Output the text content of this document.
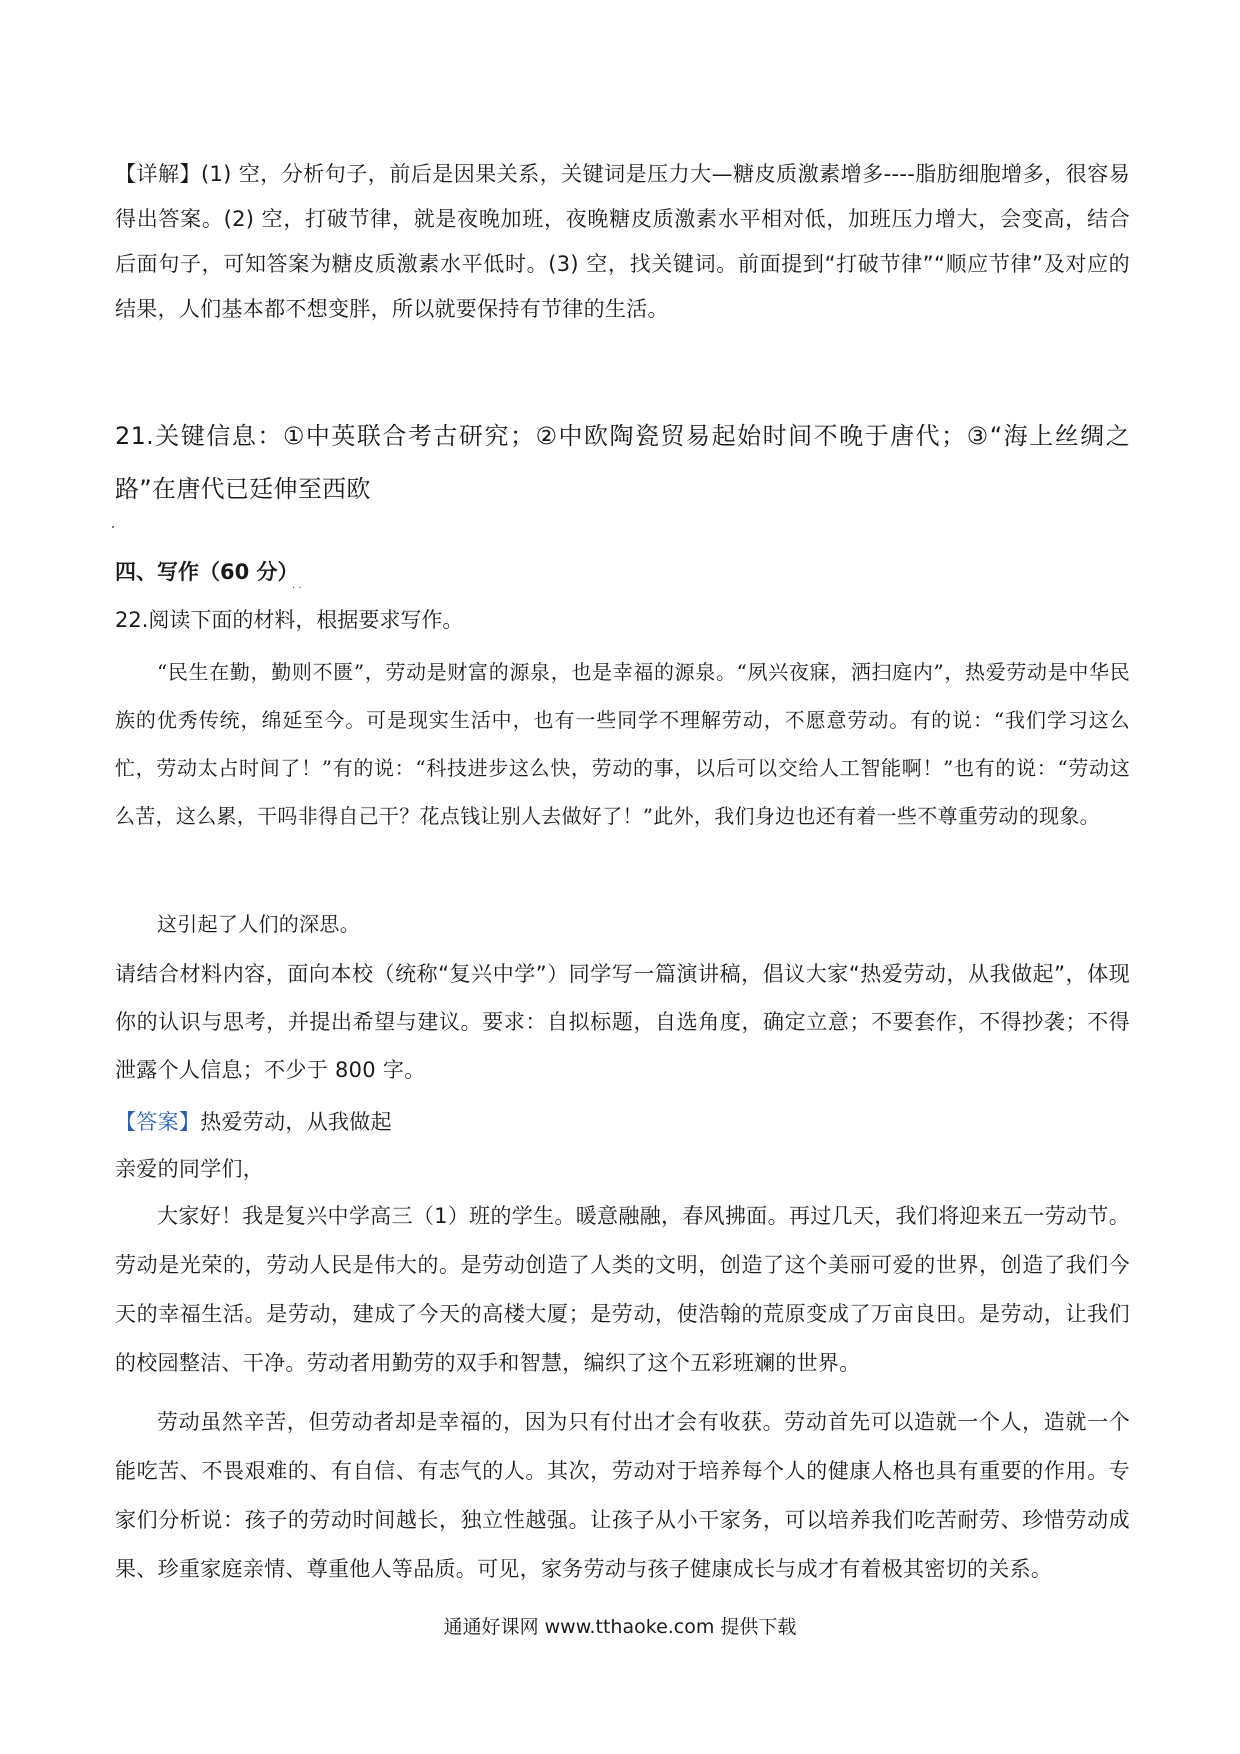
【详解】(1) 空，分析句子，前后是因果关系，关键词是压力大—糖皮质激素增多----脂肪细胞增多，很容易得出答案。(2) 空，打破节律，就是夜晚加班，夜晚糖皮质激素水平相对低，加班压力增大，会变高，结合后面句子，可知答案为糖皮质激素水平低时。(3) 空，找关键词。前面提到“打破节律”“顺应节律”及对应的结果，人们基本都不想变胖，所以就要保持有节律的生活。
21.关键信息：①中英联合考古研究；②中欧陶瓷贸易起始时间不晚于唐代；③“海上丝绸之路”在唐代已廷伸至西欧
四、写作（60 分）
. .
22.阅读下面的材料，根据要求写作。
“民生在勤，勤则不匮”，劳动是财富的源泉，也是幸福的源泉。“夙兴夜寐，洒扫庭内”，热爱劳动是中华民族的优秀传统，绵延至今。可是现实生活中，也有一些同学不理解劳动，不愿意劳动。有的说：“我们学习这么忙，劳动太占时间了！”有的说：“科技进步这么快，劳动的事，以后可以交给人工智能啊！”也有的说：“劳动这么苦，这么累，干吗非得自己干？花点钱让别人去做好了！”此外，我们身边也还有着一些不尊重劳动的现象。
这引起了人们的深思。
请结合材料内容，面向本校（统称“复兴中学”）同学写一篇演讲稿，倡议大家“热爱劳动，从我做起”，体现你的认识与思考，并提出希望与建议。要求：自拟标题，自选角度，确定立意；不要套作，不得抄袭；不得泄露个人信息；不少于 800 字。
【答案】热爱劳动，从我做起
亲爱的同学们，
大家好！我是复兴中学高三（1）班的学生。暖意融融，春风拂面。再过几天，我们将迎来五一劳动节。劳动是光荣的，劳动人民是伟大的。是劳动创造了人类的文明，创造了这个美丽可爱的世界，创造了我们今天的幸福生活。是劳动，建成了今天的高楼大厦；是劳动，使浩翰的荒原变成了万亩良田。是劳动，让我们的校园整洁、干净。劳动者用勤劳的双手和智慧，编织了这个五彩班斓的世界。
劳动虽然辛苦，但劳动者却是幸福的，因为只有付出才会有收获。劳动首先可以造就一个人，造就一个能吃苦、不畏艰难的、有自信、有志气的人。其次，劳动对于培养每个人的健康人格也具有重要的作用。专家们分析说：孩子的劳动时间越长，独立性越强。让孩子从小干家务，可以培养我们吃苦耐劳、珍惜劳动成果、珍重家庭亲情、尊重他人等品质。可见，家务劳动与孩子健康成长与成才有着极其密切的关系。
通通好课网 www.tthaoke.com 提供下载
